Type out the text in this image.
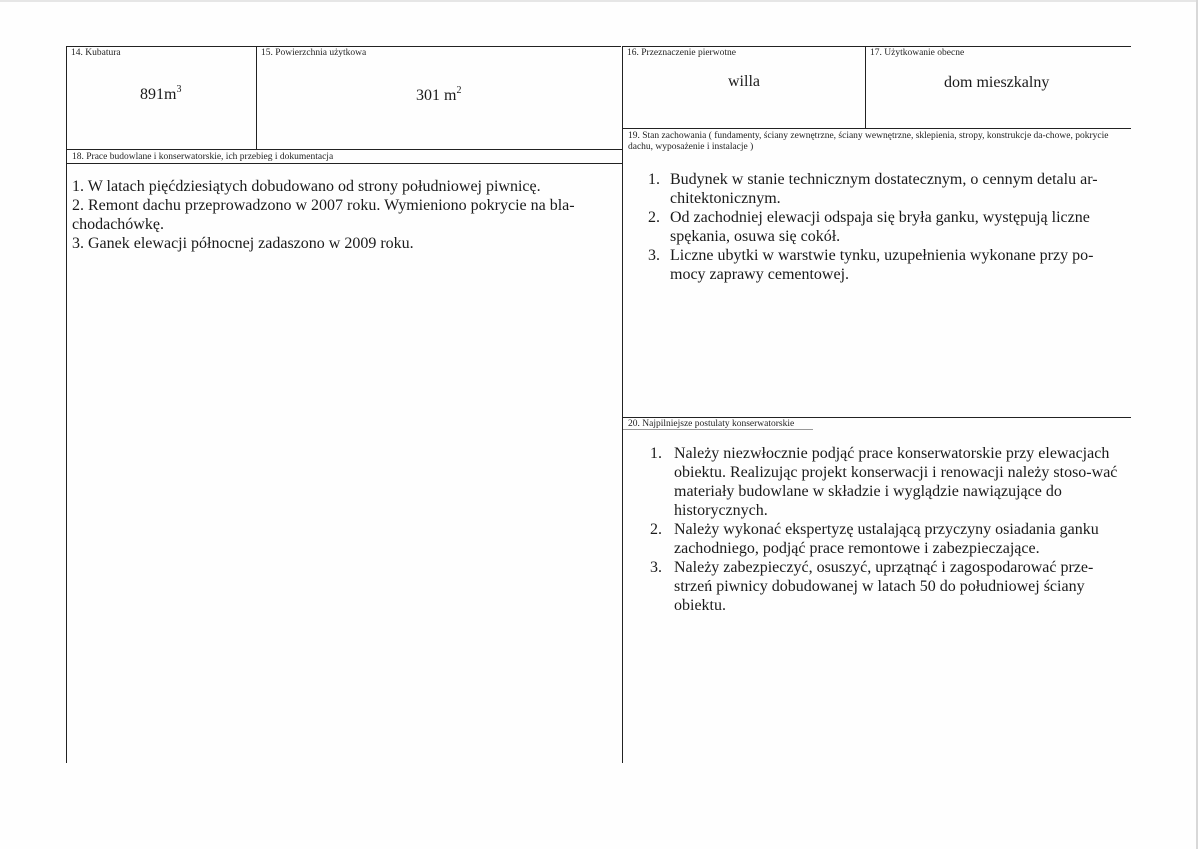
14. Kubatura
$891m^3$
15. Powierzchnia użytkowa
301 $m^2$
16. Przeznaczenie pierwotne
willa
17. Użytkowanie obecne
dom mieszkalny
18. Prace budowlane i konserwatorskie, ich przebieg i dokumentacja
1. W latach pięćdziesiątych dobudowano od strony południowej piwnicę.
2. Remont dachu przeprowadzono w 2007 roku. Wymieniono pokrycie na bla-chodachówkę.
3. Ganek elewacji północnej zadaszono w 2009 roku.
19. Stan zachowania ( fundamenty, ściany zewnętrzne, ściany wewnętrzne, sklepienia, stropy, konstrukcje da-chowe, pokrycie dachu, wyposażenie i instalacje )
1. Budynek w stanie technicznym dostatecznym, o cennym detalu ar-chitektonicznym.
2. Od zachodniej elewacji odspaja się bryła ganku, występują liczne spękania, osuwa się cokół.
3. Liczne ubytki w warstwie tynku, uzupełnienia wykonane przy po-mocy zaprawy cementowej.
20. Najpilniejsze postulaty konserwatorskie
1. Należy niezwłocznie podjąć prace konserwatorskie przy elewacjach obiektu. Realizując projekt konserwacji i renowacji należy stoso-wać materiały budowlane w składzie i wyglądzie nawiązujące do historycznych.
2. Należy wykonać ekspertyzę ustalającą przyczyny osiadania ganku zachodniego, podjąć prace remontowe i zabezpieczające.
3. Należy zabezpieczyć, osuszyć, uprzątnąć i zagospodarować prze-strzeń piwnicy dobudowanej w latach 50 do południowej ściany obiektu.
